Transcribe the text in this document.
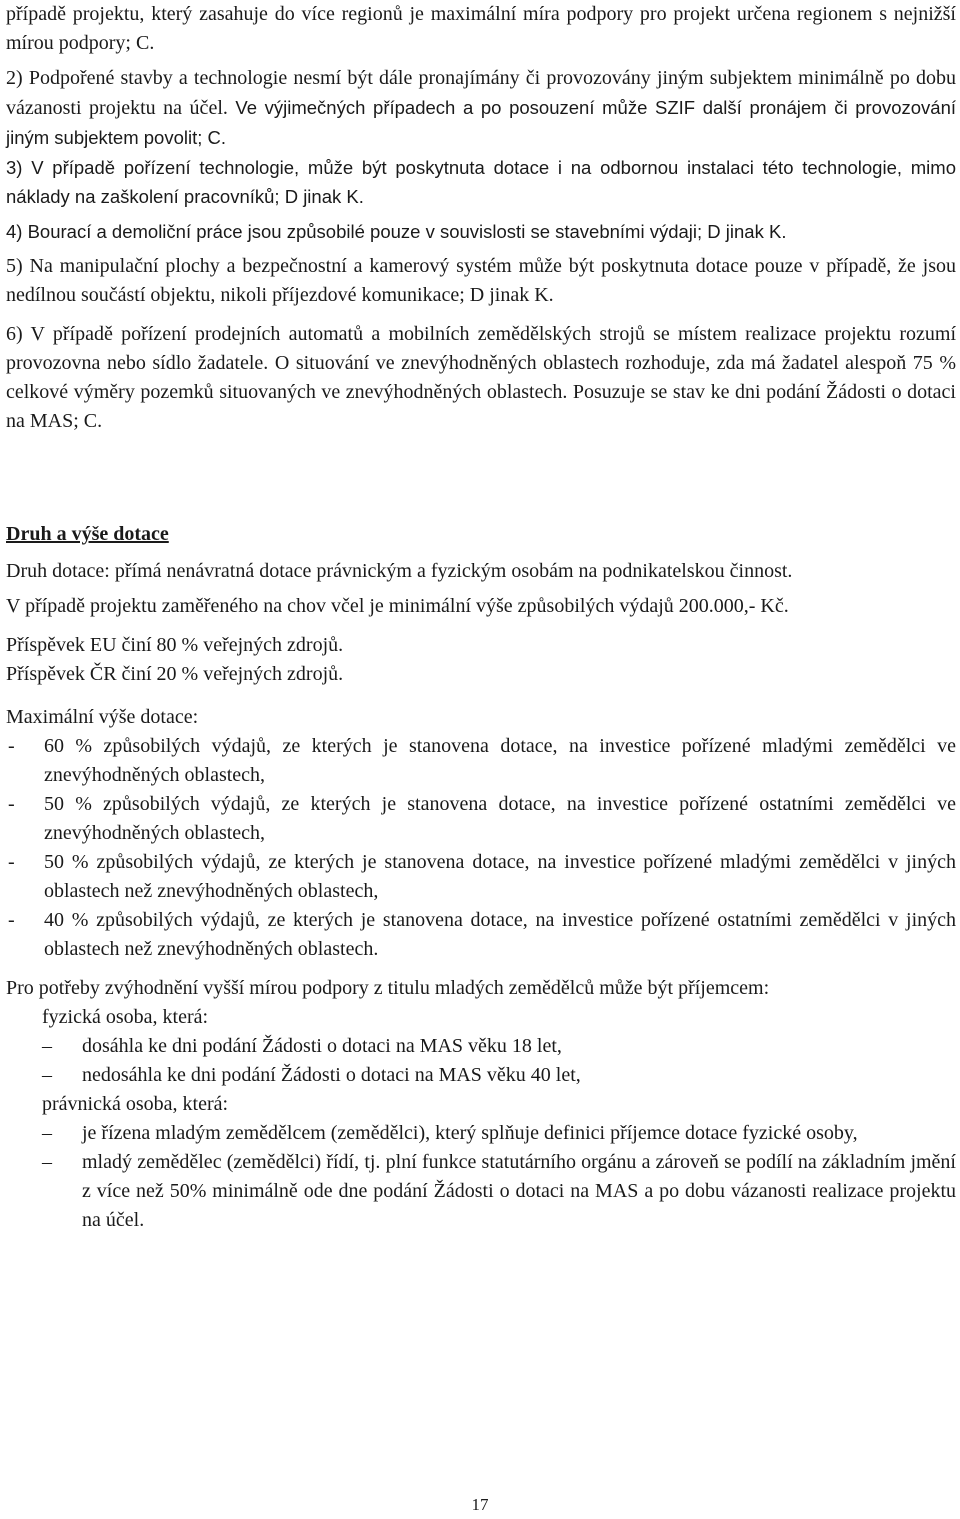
případě projektu, který zasahuje do více regionů je maximální míra podpory pro projekt určena regionem s nejnižší mírou podpory; C.

2) Podpořené stavby a technologie nesmí být dále pronajímány či provozovány jiným subjektem minimálně po dobu vázanosti projektu na účel. Ve výjimečných případech a po posouzení může SZIF další pronájem či provozování jiným subjektem povolit; C.

3) V případě pořízení technologie, může být poskytnuta dotace i na odbornou instalaci této technologie, mimo náklady na zaškolení pracovníků; D jinak K.

4) Bourací a demoliční práce jsou způsobilé pouze v souvislosti se stavebními výdaji; D jinak K.

5) Na manipulační plochy a bezpečnostní a kamerový systém může být poskytnuta dotace pouze v případě, že jsou nedílnou součástí objektu, nikoli příjezdové komunikace; D jinak K.

6) V případě pořízení prodejních automatů a mobilních zemědělských strojů se místem realizace projektu rozumí provozovna nebo sídlo žadatele. O situování ve znevýhodněných oblastech rozhoduje, zda má žadatel alespoň 75 % celkové výměry pozemků situovaných ve znevýhodněných oblastech. Posuzuje se stav ke dni podání Žádosti o dotaci na MAS; C.

Druh a výše dotace

Druh dotace: přímá nenávratná dotace právnickým a fyzickým osobám na podnikatelskou činnost.

V případě projektu zaměřeného na chov včel je minimální výše způsobilých výdajů 200.000,- Kč.

Příspěvek EU činí 80 % veřejných zdrojů.

Příspěvek ČR činí 20 % veřejných zdrojů.

Maximální výše dotace:

-	60 % způsobilých výdajů, ze kterých je stanovena dotace, na investice pořízené mladými zemědělci ve znevýhodněných oblastech,
-	50 % způsobilých výdajů, ze kterých je stanovena dotace, na investice pořízené ostatními zemědělci ve znevýhodněných oblastech,
-	50 % způsobilých výdajů, ze kterých je stanovena dotace, na investice pořízené mladými zemědělci v jiných oblastech než znevýhodněných oblastech,
-	40 % způsobilých výdajů, ze kterých je stanovena dotace, na investice pořízené ostatními zemědělci v jiných oblastech než znevýhodněných oblastech.

Pro potřeby zvýhodnění vyšší mírou podpory z titulu mladých zemědělců může být příjemcem:

fyzická osoba, která:

–	dosáhla ke dni podání Žádosti o dotaci na MAS věku 18 let,
–	nedosáhla ke dni podání Žádosti o dotaci na MAS věku 40 let,

právnická osoba, která:

–	je řízena mladým zemědělcem (zemědělci), který splňuje definici příjemce dotace fyzické osoby,
–	mladý zemědělec (zemědělci) řídí, tj. plní funkce statutárního orgánu a zároveň se podílí na základním jmění z více než 50% minimálně ode dne podání Žádosti o dotaci na MAS a po dobu vázanosti realizace projektu na účel.
17
